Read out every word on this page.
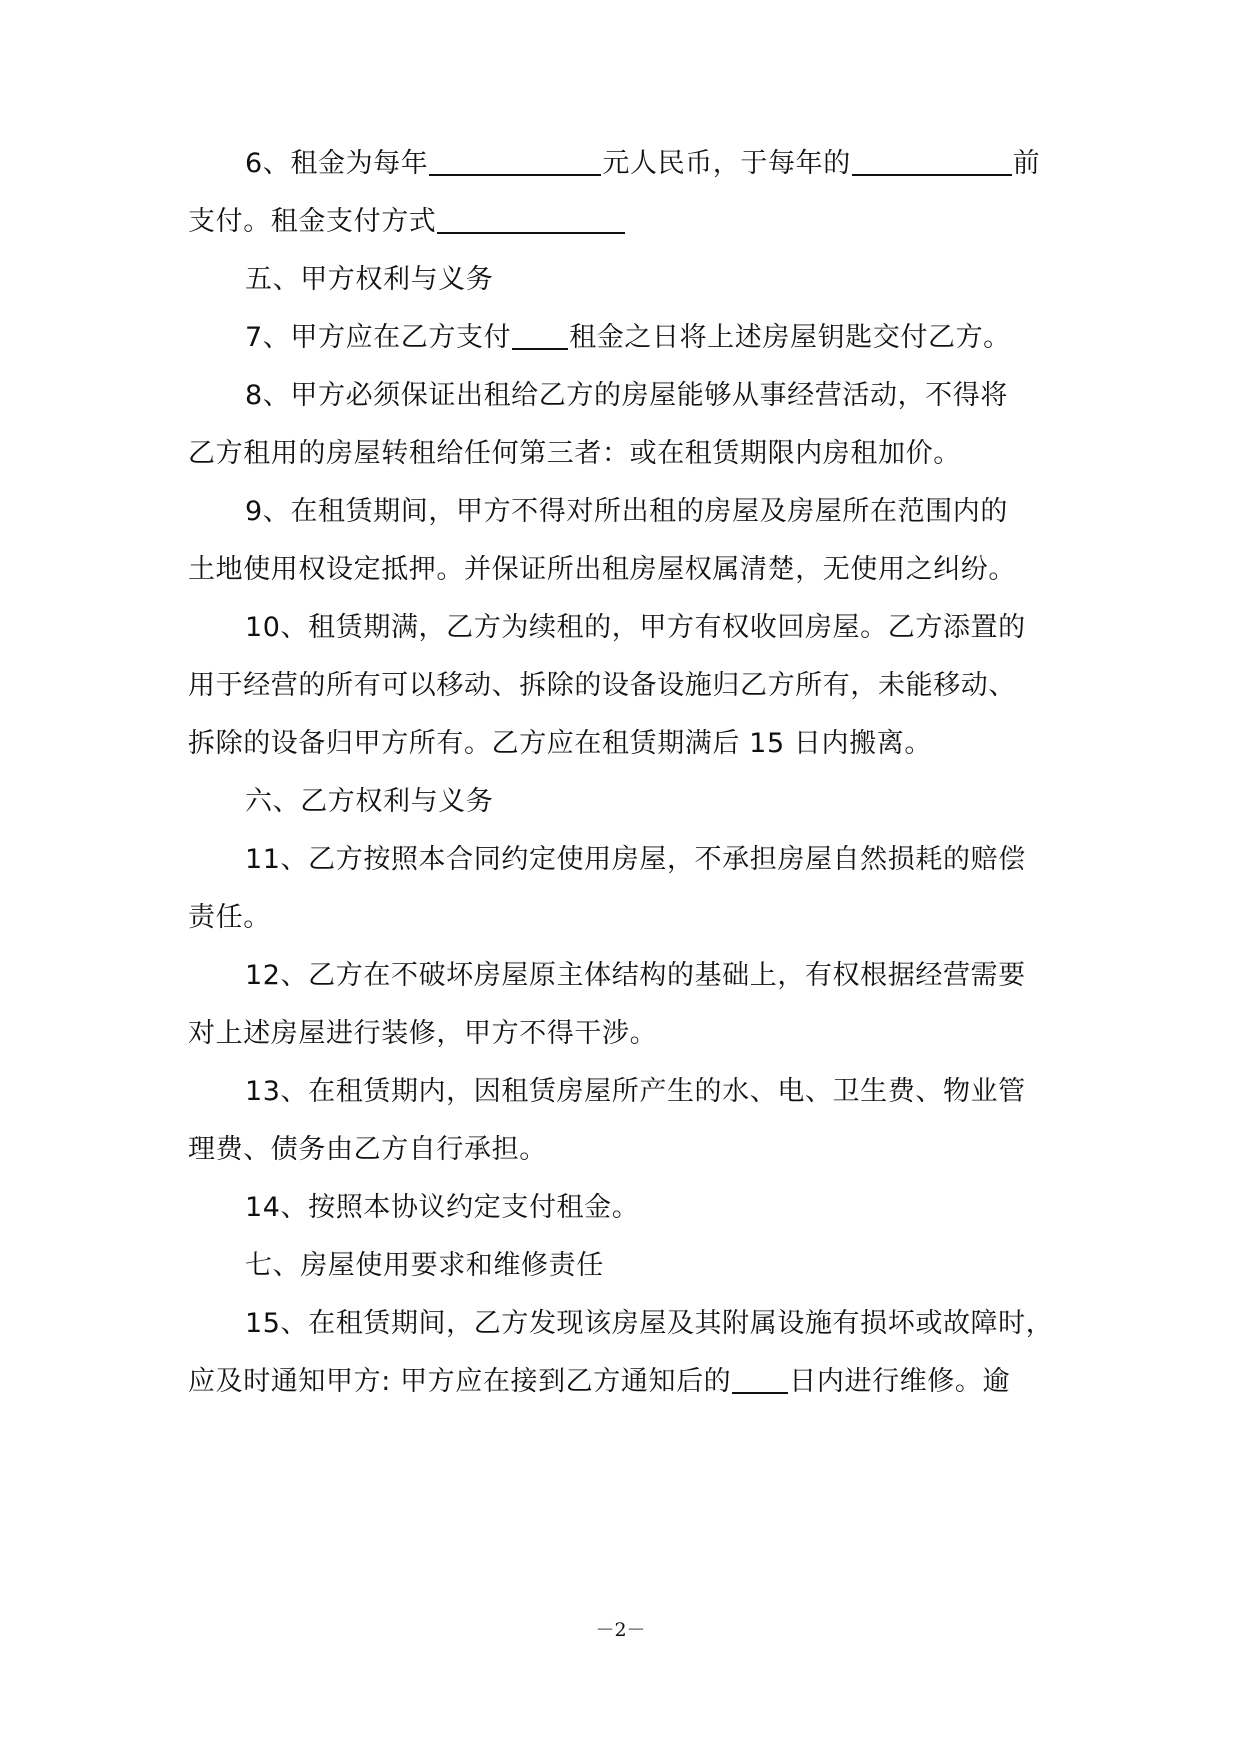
6、租金为每年	元人民币，于每年的	前
支付。租金支付方式
五、甲方权利与义务
7、甲方应在乙方支付 租金之日将上述房屋钥匙交付乙方。
8、甲方必须保证出租给乙方的房屋能够从事经营活动，不得将
乙方租用的房屋转租给任何第三者：或在租赁期限内房租加价。
9、在租赁期间，甲方不得对所出租的房屋及房屋所在范围内的
土地使用权设定抵押。并保证所出租房屋权属清楚，无使用之纠纷。
10、租赁期满，乙方为续租的，甲方有权收回房屋。乙方添置的
用于经营的所有可以移动、拆除的设备设施归乙方所有，未能移动、
拆除的设备归甲方所有。乙方应在租赁期满后 15 日内搬离。
六、乙方权利与义务
11、乙方按照本合同约定使用房屋，不承担房屋自然损耗的赔偿
责任。
12、乙方在不破坏房屋原主体结构的基础上，有权根据经营需要
对上述房屋进行装修，甲方不得干涉。
13、在租赁期内，因租赁房屋所产生的水、电、卫生费、物业管
理费、债务由乙方自行承担。
14、按照本协议约定支付租金。
七、房屋使用要求和维修责任
15、在租赁期间，乙方发现该房屋及其附属设施有损坏或故障时，
应及时通知甲方: 甲方应在接到乙方通知后的 日内进行维修。逾
－2－
